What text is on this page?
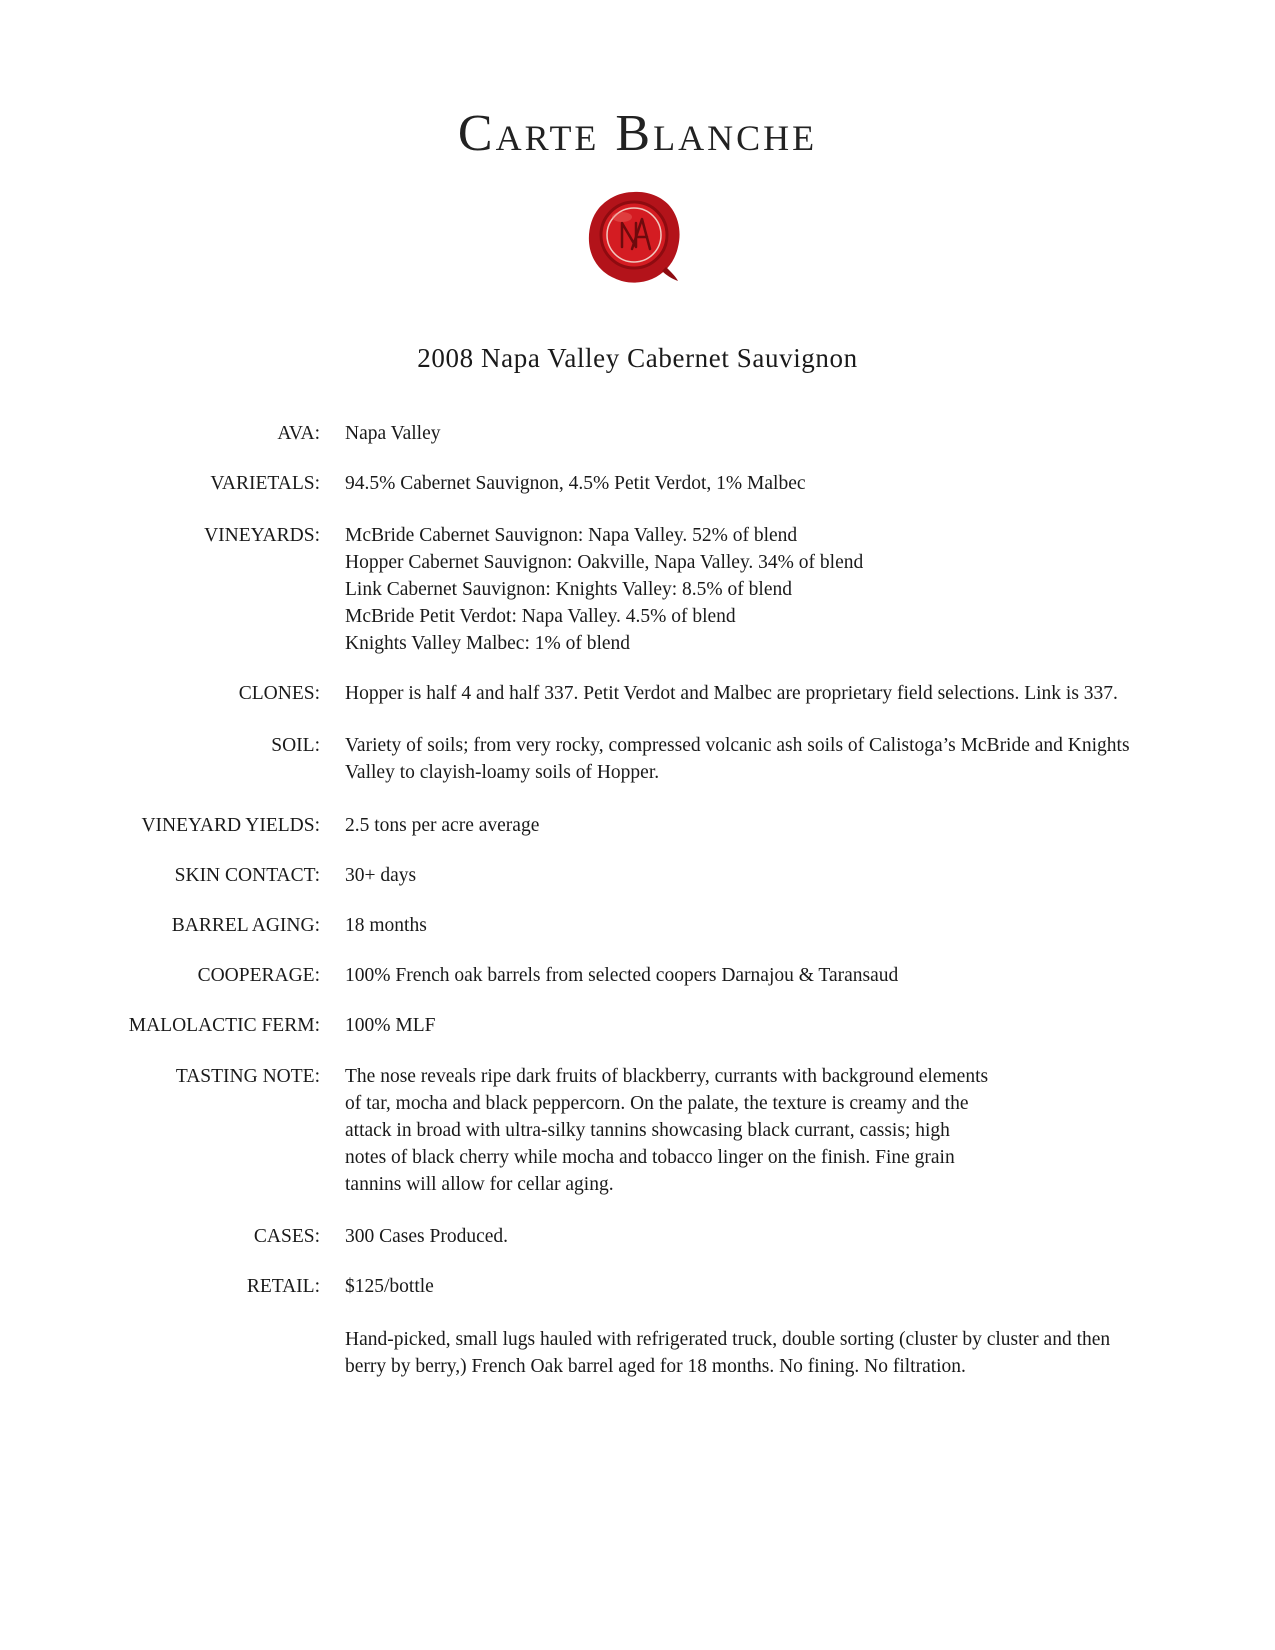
Carte Blanche
2008 Napa Valley Cabernet Sauvignon
AVA: Napa Valley
VARIETALS: 94.5% Cabernet Sauvignon, 4.5% Petit Verdot, 1% Malbec
VINEYARDS: McBride Cabernet Sauvignon: Napa Valley. 52% of blend
Hopper Cabernet Sauvignon: Oakville, Napa Valley. 34% of blend
Link Cabernet Sauvignon: Knights Valley: 8.5% of blend
McBride Petit Verdot: Napa Valley. 4.5% of blend
Knights Valley Malbec: 1% of blend
CLONES: Hopper is half 4 and half 337. Petit Verdot and Malbec are proprietary field selections. Link is 337.
SOIL: Variety of soils; from very rocky, compressed volcanic ash soils of Calistoga’s McBride and Knights
Valley to clayish-loamy soils of Hopper.
VINEYARD YIELDS: 2.5 tons per acre average
SKIN CONTACT: 30+ days
BARREL AGING: 18 months
COOPERAGE: 100% French oak barrels from selected coopers Darnajou & Taransaud
MALOLACTIC FERM: 100% MLF
TASTING NOTE: The nose reveals ripe dark fruits of blackberry, currants with background elements
of tar, mocha and black peppercorn. On the palate, the texture is creamy and the
attack in broad with ultra-silky tannins showcasing black currant, cassis; high
notes of black cherry while mocha and tobacco linger on the finish. Fine grain
tannins will allow for cellar aging.
CASES: 300 Cases Produced.
RETAIL: $125/bottle
Hand-picked, small lugs hauled with refrigerated truck, double sorting (cluster by cluster and then
berry by berry,) French Oak barrel aged for 18 months. No fining. No filtration.
